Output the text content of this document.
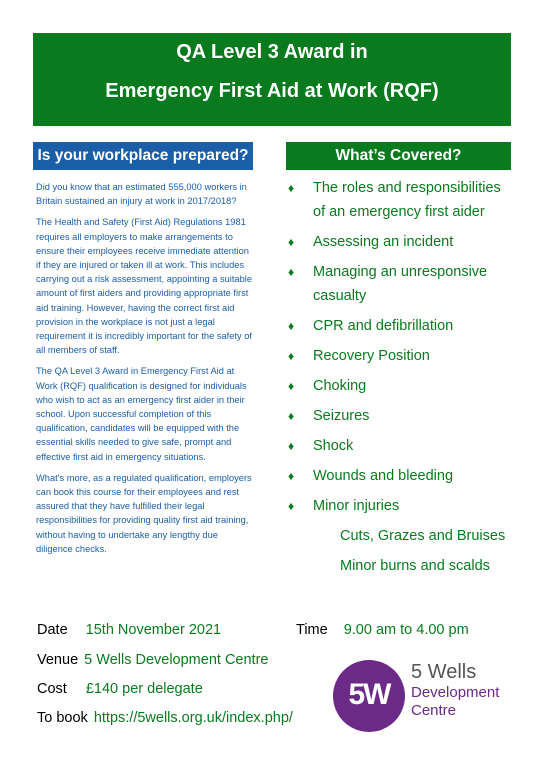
QA Level 3 Award in
Emergency First Aid at Work (RQF)
Is your workplace prepared?	What’s Covered?

Did you know that an estimated 555,000 workers in Britain sustained an injury at work in 2017/2018?

The Health and Safety (First Aid) Regulations 1981 requires all employers to make arrangements to ensure their employees receive immediate attention if they are injured or taken ill at work. This includes carrying out a risk assessment, appointing a suitable amount of first aiders and providing appropriate first aid training. However, having the correct first aid provision in the workplace is not just a legal requirement it is incredibly important for the safety of all members of staff.

The QA Level 3 Award in Emergency First Aid at Work (RQF) qualification is designed for individuals who wish to act as an emergency first aider in their school. Upon successful completion of this qualification, candidates will be equipped with the essential skills needed to give safe, prompt and effective first aid in emergency situations.

What's more, as a regulated qualification, employers can book this course for their employees and rest assured that they have fulfilled their legal responsibilities for providing quality first aid training, without having to undertake any lengthy due diligence checks.

♦ The roles and responsibilities of an emergency first aider
♦ Assessing an incident
♦ Managing an unresponsive casualty
♦ CPR and defibrillation
♦ Recovery Position
♦ Choking
♦ Seizures
♦ Shock
♦ Wounds and bleeding
♦ Minor injuries
Cuts, Grazes and Bruises
Minor burns and scalds
Date 15th November 2021	Time 9.00 am to 4.00 pm
Venue 5 Wells Development Centre
Cost £140 per delegate
To book https://5wells.org.uk/index.php/
5W
5 Wells
Development
Centre
